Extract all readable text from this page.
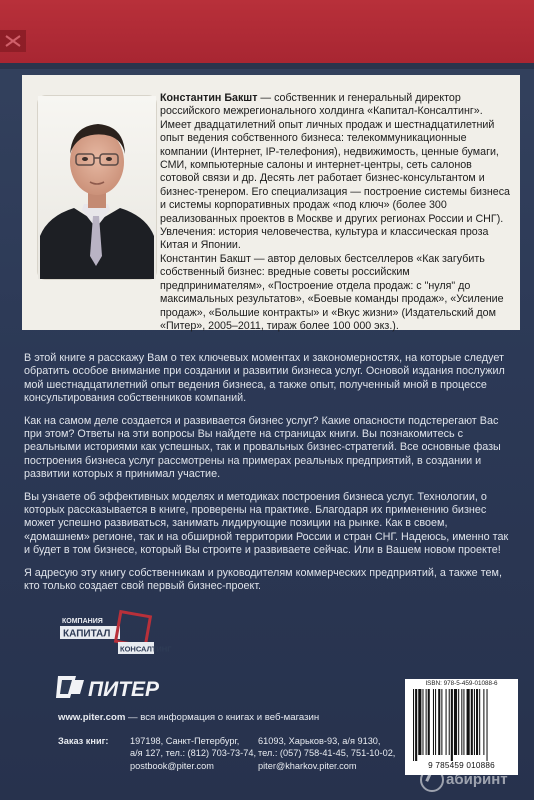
Константин Бакшт — собственник и генеральный директор российского межрегионального холдинга «Капитал-Консалтинг». Имеет двадцатилетний опыт личных продаж и шестнадцатилетний опыт ведения собственного бизнеса: телекоммуникационные компании (Интернет, IP-телефония), недвижимость, ценные бумаги, СМИ, компьютерные салоны и интернет-центры, сеть салонов сотовой связи и др. Десять лет работает бизнес-консультантом и бизнес-тренером. Его специализация — построение системы бизнеса и системы корпоративных продаж «под ключ» (более 300 реализованных проектов в Москве и других регионах России и СНГ). Увлечения: история человечества, культура и классическая проза Китая и Японии.

Константин Бакшт — автор деловых бестселлеров «Как загубить собственный бизнес: вредные советы российским предпринимателям», «Построение отдела продаж: с "нуля" до максимальных результатов», «Боевые команды продаж», «Усиление продаж», «Большие контракты» и «Вкус жизни» (Издательский дом «Питер», 2005–2011, тираж более 100 000 экз.).

В этой книге я расскажу Вам о тех ключевых моментах и закономерностях, на которые следует обратить особое внимание при создании и развитии бизнеса услуг. Основой издания послужил мой шестнадцатилетний опыт ведения бизнеса, а также опыт, полученный мной в процессе консультирования собственников компаний.

Как на самом деле создается и развивается бизнес услуг? Какие опасности подстерегают Вас при этом? Ответы на эти вопросы Вы найдете на страницах книги. Вы познакомитесь с реальными историями как успешных, так и провальных бизнес-стратегий. Все основные фазы построения бизнеса услуг рассмотрены на примерах реальных предприятий, в создании и развитии которых я принимал участие.

Вы узнаете об эффективных моделях и методиках построения бизнеса услуг. Технологии, о которых рассказывается в книге, проверены на практике. Благодаря их применению бизнес может успешно развиваться, занимать лидирующие позиции на рынке. Как в своем, «домашнем» регионе, так и на обширной территории России и стран СНГ. Надеюсь, именно так и будет в том бизнесе, который Вы строите и развиваете сейчас. Или в Вашем новом проекте!

Я адресую эту книгу собственникам и руководителям коммерческих предприятий, а также тем, кто только создает свой первый бизнес-проект.

КОМПАНИЯ
КАПИТАЛ
КОНСАЛТИНГ
ПИТЕР
www.piter.com — вся информация о книгах и веб-магазин
Заказ книг: 197198, Санкт-Петербург,
а/я 127, тел.: (812) 703-73-74,
postbook@piter.com
61093, Харьков-93, а/я 9130,
тел.: (057) 758-41-45, 751-10-02,
piter@kharkov.piter.com
ISBN: 978-5-459-01088-6
9 785459 010886
абиринт
